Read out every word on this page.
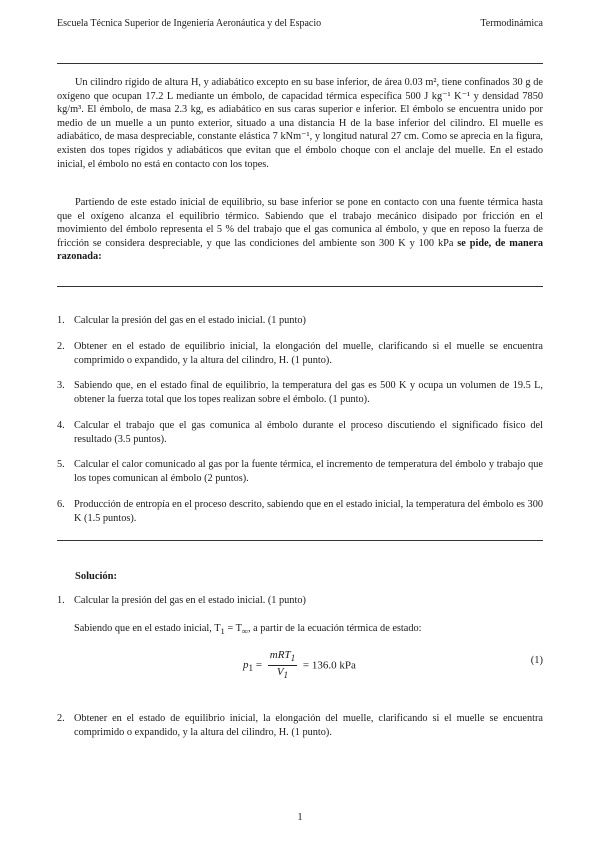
Escuela Técnica Superior de Ingeniería Aeronáutica y del Espacio	Termodinámica

Un cilindro rígido de altura H, y adiabático excepto en su base inferior, de área 0.03 m², tiene confinados 30 g de oxígeno que ocupan 17.2 L mediante un émbolo, de capacidad térmica específica 500 J kg⁻¹ K⁻¹ y densidad 7850 kg/m³. El émbolo, de masa 2.3 kg, es adiabático en sus caras superior e inferior. El émbolo se encuentra unido por medio de un muelle a un punto exterior, situado a una distancia H de la base inferior del cilindro. El muelle es adiabático, de masa despreciable, constante elástica 7 kNm⁻¹, y longitud natural 27 cm. Como se aprecia en la figura, existen dos topes rígidos y adiabáticos que evitan que el émbolo choque con el anclaje del muelle. En el estado inicial, el émbolo no está en contacto con los topes.

Partiendo de este estado inicial de equilibrio, su base inferior se pone en contacto con una fuente térmica hasta que el oxígeno alcanza el equilibrio térmico. Sabiendo que el trabajo mecánico disipado por fricción en el movimiento del émbolo representa el 5 % del trabajo que el gas comunica al émbolo, y que en reposo la fuerza de fricción se considera despreciable, y que las condiciones del ambiente son 300 K y 100 kPa se pide, de manera razonada:

1. Calcular la presión del gas en el estado inicial. (1 punto)
2. Obtener en el estado de equilibrio inicial, la elongación del muelle, clarificando si el muelle se encuentra comprimido o expandido, y la altura del cilindro, H. (1 punto).
3. Sabiendo que, en el estado final de equilibrio, la temperatura del gas es 500 K y ocupa un volumen de 19.5 L, obtener la fuerza total que los topes realizan sobre el émbolo. (1 punto).
4. Calcular el trabajo que el gas comunica al émbolo durante el proceso discutiendo el significado físico del resultado (3.5 puntos).
5. Calcular el calor comunicado al gas por la fuente térmica, el incremento de temperatura del émbolo y trabajo que los topes comunican al émbolo (2 puntos).
6. Producción de entropía en el proceso descrito, sabiendo que en el estado inicial, la temperatura del émbolo es 300 K (1.5 puntos).
Solución:
1. Calcular la presión del gas en el estado inicial. (1 punto)
Sabiendo que en el estado inicial, $T_1 = T_\infty$, a partir de la ecuación térmica de estado:
$p_1 = \frac{mRT_1}{V_1} = 136.0$ kPa	(1)
2. Obtener en el estado de equilibrio inicial, la elongación del muelle, clarificando si el muelle se encuentra comprimido o expandido, y la altura del cilindro, H. (1 punto).
1
